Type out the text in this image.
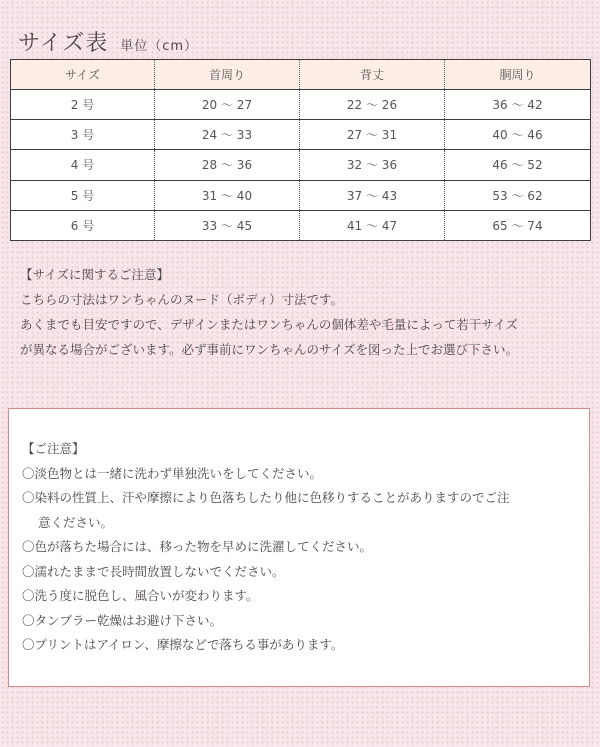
サイズ表 単位（cm）
サイズ	首周り	背丈	胴周り
2 号	20 ～ 27	22 ～ 26	36 ～ 42
3 号	24 ～ 33	27 ～ 31	40 ～ 46
4 号	28 ～ 36	32 ～ 36	46 ～ 52
5 号	31 ～ 40	37 ～ 43	53 ～ 62
6 号	33 ～ 45	41 ～ 47	65 ～ 74

【サイズに関するご注意】

こちらの寸法はワンちゃんのヌード（ボディ）寸法です。

あくまでも目安ですので、デザインまたはワンちゃんの個体差や毛量によって若干サイズ

が異なる場合がございます。必ず事前にワンちゃんのサイズを図った上でお選び下さい。

【ご注意】

〇淡色物とは一緒に洗わず単独洗いをしてください。

〇染料の性質上、汗や摩擦により色落ちしたり他に色移りすることがありますのでご注

意ください。

〇色が落ちた場合には、移った物を早めに洗濯してください。

〇濡れたままで長時間放置しないでください。

〇洗う度に脱色し、風合いが変わります。

〇タンブラー乾燥はお避け下さい。

〇プリントはアイロン、摩擦などで落ちる事があります。
